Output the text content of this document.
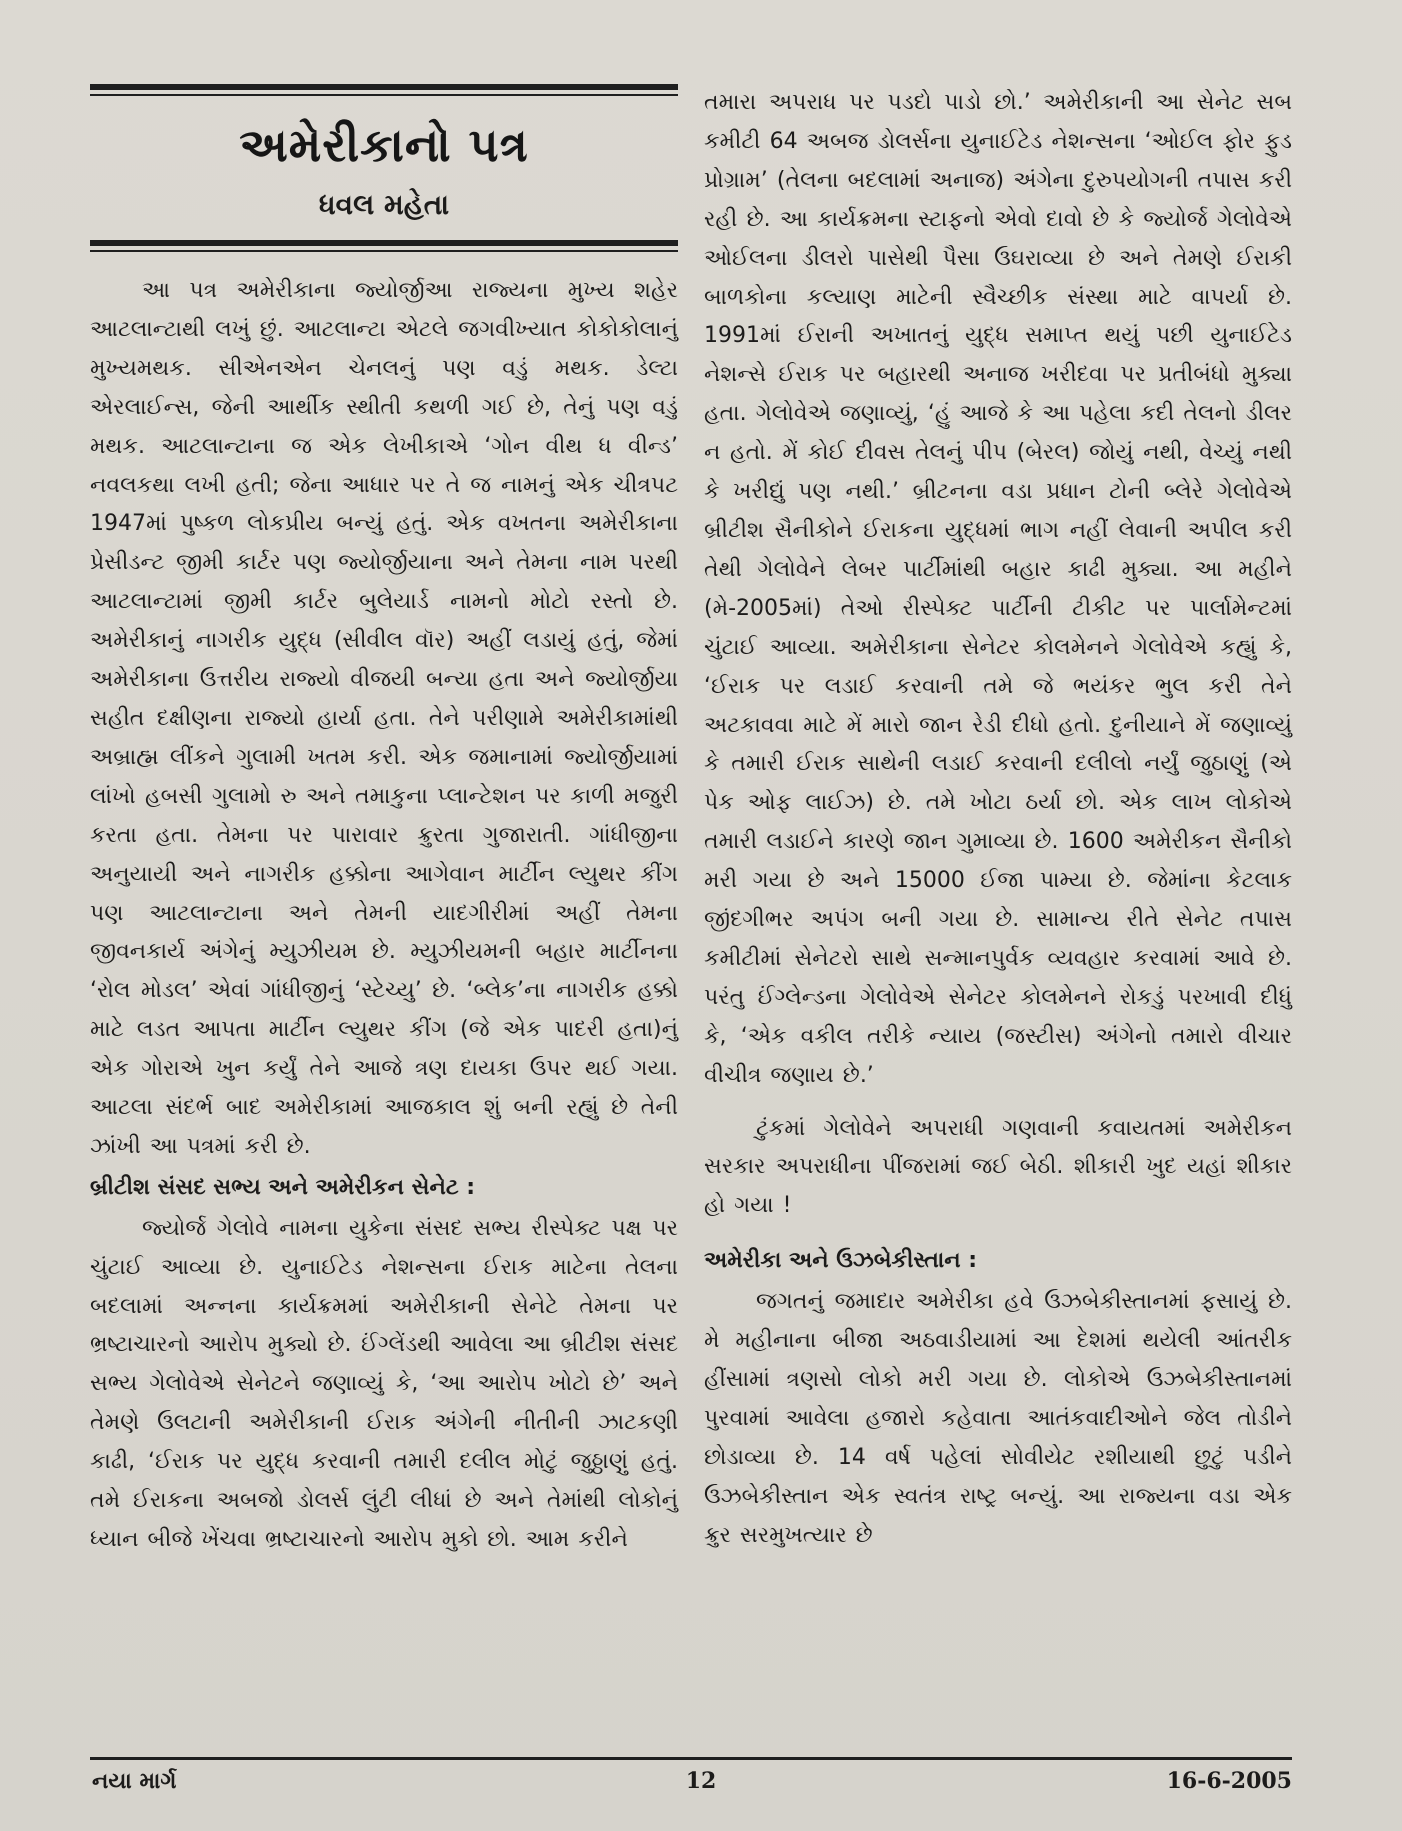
અમેરીકાનો પત્ર
ધવલ મહેતા

આ પત્ર અમેરીકાના જ્યોર્જીઆ રાજ્યના મુખ્ય શહેર આટલાન્ટાથી લખું છું. આટલાન્ટા એટલે જગવીખ્યાત કોકોકોલાનું મુખ્યમથક. સીએનએન ચેનલનું પણ વડું મથક. ડેલ્ટા એરલાઈન્સ, જેની આર્થીક સ્થીતી કથળી ગઈ છે, તેનું પણ વડું મથક. આટલાન્ટાના જ એક લેખીકાએ ‘ગોન વીથ ધ વીન્ડ’ નવલકથા લખી હતી; જેના આધાર પર તે જ નામનું એક ચીત્રપટ 1947માં પુષ્કળ લોકપ્રીય બન્યું હતું. એક વખતના અમેરીકાના પ્રેસીડન્ટ જીમી કાર્ટર પણ જ્યોર્જીયાના અને તેમના નામ પરથી આટલાન્ટામાં જીમી કાર્ટર બુલેયાર્ડ નામનો મોટો રસ્તો છે. અમેરીકાનું નાગરીક યુદ્ધ (સીવીલ વૉર) અહીં લડાયું હતું, જેમાં અમેરીકાના ઉત્તરીય રાજ્યો વીજયી બન્યા હતા અને જ્યોર્જીયા સહીત દક્ષીણના રાજ્યો હાર્યા હતા. તેને પરીણામે અમેરીકામાંથી અબ્રાહ્મ લીંકને ગુલામી ખતમ કરી. એક જમાનામાં જ્યોર્જીયામાં લાંખો હબસી ગુલામો રુ અને તમાકુના પ્લાન્ટેશન પર કાળી મજુરી કરતા હતા. તેમના પર પારાવાર ક્રુરતા ગુજારાતી. ગાંધીજીના અનુયાયી અને નાગરીક હક્કોના આગેવાન માર્ટીન લ્યુથર કીંગ પણ આટલાન્ટાના અને તેમની યાદગીરીમાં અહીં તેમના જીવનકાર્ય અંગેનું મ્યુઝીયમ છે. મ્યુઝીયમની બહાર માર્ટીનના ‘રોલ મોડલ’ એવાં ગાંધીજીનું ‘સ્ટેચ્યુ’ છે. ‘બ્લેક’ના નાગરીક હક્કો માટે લડત આપતા માર્ટીન લ્યુથર કીંગ (જે એક પાદરી હતા)નું એક ગોરાએ ખુન કર્યું તેને આજે ત્રણ દાયકા ઉપર થઈ ગયા. આટલા સંદર્ભ બાદ અમેરીકામાં આજકાલ શું બની રહ્યું છે તેની ઝાંખી આ પત્રમાં કરી છે.

બ્રીટીશ સંસદ સભ્ય અને અમેરીકન સેનેટ :

જ્યોર્જ ગેલોવે નામના યુકેના સંસદ સભ્ય રીસ્પેક્ટ પક્ષ પર ચુંટાઈ આવ્યા છે. યુનાઈટેડ નેશન્સના ઈરાક માટેના તેલના બદલામાં અન્નના કાર્યક્રમમાં અમેરીકાની સેનેટે તેમના પર ભ્રષ્ટાચારનો આરોપ મુક્યો છે. ઈંગ્લેંડથી આવેલા આ બ્રીટીશ સંસદ સભ્ય ગેલોવેએ સેનેટને જણાવ્યું કે, ‘આ આરોપ ખોટો છે’ અને તેમણે ઉલટાની અમેરીકાની ઈરાક અંગેની નીતીની ઝાટકણી કાઢી, ‘ઈરાક પર યુદ્ધ કરવાની તમારી દલીલ મોટું જુઠ્ઠાણું હતું. તમે ઈરાકના અબજો ડોલર્સ લુંટી લીધાં છે અને તેમાંથી લોકોનું ધ્યાન બીજે ખેંચવા ભ્રષ્ટાચારનો આરોપ મુકો છો. આમ કરીને

તમારા અપરાધ પર પડદો પાડો છો.’ અમેરીકાની આ સેનેટ સબ કમીટી 64 અબજ ડોલર્સના યુનાઈટેડ નેશન્સના ‘ઓઈલ ફોર ફુડ પ્રોગ્રામ’ (તેલના બદલામાં અનાજ) અંગેના દુરુપયોગની તપાસ કરી રહી છે. આ કાર્યક્રમના સ્ટાફનો એવો દાવો છે કે જ્યોર્જ ગેલોવેએ ઓઈલના ડીલરો પાસેથી પૈસા ઉઘરાવ્યા છે અને તેમણે ઈરાકી બાળકોના કલ્યાણ માટેની સ્વૈચ્છીક સંસ્થા માટે વાપર્યા છે. 1991માં ઈરાની અખાતનું યુદ્ધ સમાપ્ત થયું પછી યુનાઈટેડ નેશન્સે ઈરાક પર બહારથી અનાજ ખરીદવા પર પ્રતીબંધો મુક્યા હતા. ગેલોવેએ જણાવ્યું, ‘હું આજે કે આ પહેલા કદી તેલનો ડીલર ન હતો. મેં કોઈ દીવસ તેલનું પીપ (બેરલ) જોયું નથી, વેચ્યું નથી કે ખરીદ્યું પણ નથી.’ બ્રીટનના વડા પ્રધાન ટોની બ્લેરે ગેલોવેએ બ્રીટીશ સૈનીકોને ઈરાકના યુદ્ધમાં ભાગ નહીં લેવાની અપીલ કરી તેથી ગેલોવેને લેબર પાર્ટીમાંથી બહાર કાઢી મુક્યા. આ મહીને (મે-2005માં) તેઓ રીસ્પેક્ટ પાર્ટીની ટીકીટ પર પાર્લામેન્ટમાં ચુંટાઈ આવ્યા. અમેરીકાના સેનેટર કોલમેનને ગેલોવેએ કહ્યું કે, ‘ઈરાક પર લડાઈ કરવાની તમે જે ભયંકર ભુલ કરી તેને અટકાવવા માટે મેં મારો જાન રેડી દીધો હતો. દુનીયાને મેં જણાવ્યું કે તમારી ઈરાક સાથેની લડાઈ કરવાની દલીલો નર્યું જુઠાણું (એ પેક ઓફ લાઈઝ) છે. તમે ખોટા ઠર્યા છો. એક લાખ લોકોએ તમારી લડાઈને કારણે જાન ગુમાવ્યા છે. 1600 અમેરીકન સૈનીકો મરી ગયા છે અને 15000 ઈજા પામ્યા છે. જેમાંના કેટલાક જીંદગીભર અપંગ બની ગયા છે. સામાન્ય રીતે સેનેટ તપાસ કમીટીમાં સેનેટરો સાથે સન્માનપુર્વક વ્યવહાર કરવામાં આવે છે. પરંતુ ઈંગ્લેન્ડના ગેલોવેએ સેનેટર કોલમેનને રોકડું પરખાવી દીધું કે, ‘એક વકીલ તરીકે ન્યાય (જસ્ટીસ) અંગેનો તમારો વીચાર વીચીત્ર જણાય છે.’

ટુંકમાં ગેલોવેને અપરાધી ગણવાની કવાયતમાં અમેરીકન સરકાર અપરાધીના પીંજરામાં જઈ બેઠી. શીકારી ખુદ યહાં શીકાર હો ગયા !

અમેરીકા અને ઉઝબેકીસ્તાન :

જગતનું જમાદાર અમેરીકા હવે ઉઝબેકીસ્તાનમાં ફસાયું છે. મે મહીનાના બીજા અઠવાડીયામાં આ દેશમાં થયેલી આંતરીક હીંસામાં ત્રણસો લોકો મરી ગયા છે. લોકોએ ઉઝબેકીસ્તાનમાં પુરવામાં આવેલા હજારો કહેવાતા આતંકવાદીઓને જેલ તોડીને છોડાવ્યા છે. 14 વર્ષ પહેલાં સોવીયેટ રશીયાથી છુટું પડીને ઉઝબેકીસ્તાન એક સ્વતંત્ર રાષ્ટ્ર બન્યું. આ રાજ્યના વડા એક ક્રુર સરમુખત્યાર છે

નયા માર્ગ	12	16-6-2005
